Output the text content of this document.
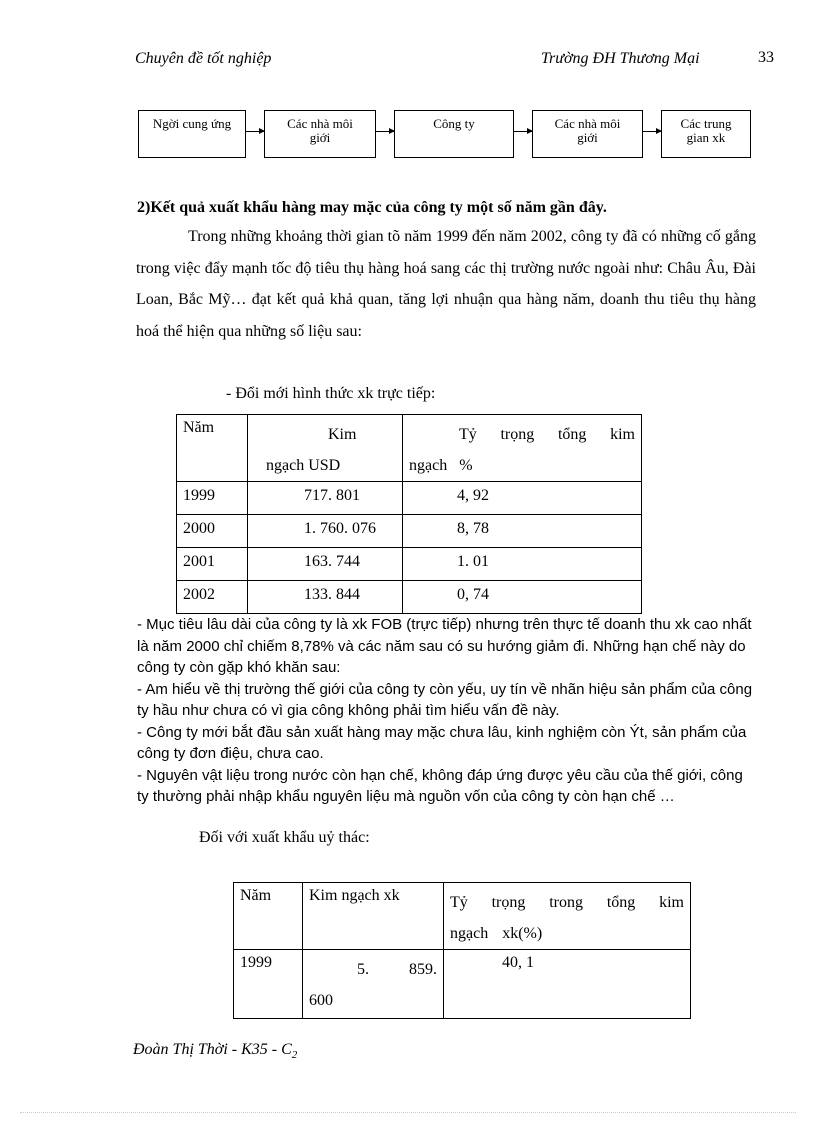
Chuyên đề tốt nghiệp	Trường ĐH Thương Mại	33
Ngời cung ứng	Các nhà môi giới
Công ty	Các nhà môi giới
Các trung gian xk
2)Kết quả xuất khẩu hàng may mặc của công ty một số năm gần đây.

Trong những khoảng thời gian tõ năm 1999 đến năm 2002, công ty đã có những cố gắng trong việc đẩy mạnh tốc độ tiêu thụ hàng hoá sang các thị trường nước ngoài như: Châu Âu, Đài Loan, Bắc Mỹ… đạt kết quả khả quan, tăng lợi nhuận qua hàng năm, doanh thu tiêu thụ hàng hoá thể hiện qua những số liệu sau:

- Đổi mới hình thức xk trực tiếp:
Năm	Kim ngạch USD	Tỷ trọng tổng kim ngạch %

1999	717. 801	4, 92
2000	1. 760. 076	8, 78
2001	163. 744	1. 01
2002	133. 844	0, 74

- Mục tiêu lâu dài của công ty là xk FOB (trực tiếp) nhưng trên thực tế doanh thu xk cao nhất là năm 2000 chỉ chiếm 8,78% và các năm sau có su hướng giảm đi. Những hạn chế này do công ty còn gặp khó khăn sau:

- Am hiểu về thị trường thế giới của công ty còn yếu, uy tín về nhãn hiệu sản phẩm của công ty hầu như chưa có vì gia công không phải tìm hiểu vấn đề này.

- Công ty mới bắt đầu sản xuất hàng may mặc chưa lâu, kinh nghiệm còn Ýt, sản phẩm của công ty đơn điệu, chưa cao.

- Nguyên vật liệu trong nước còn hạn chế, không đáp ứng được yêu cầu của thế giới, công ty thường phải nhập khẩu nguyên liệu mà nguồn vốn của công ty còn hạn chế …

Đối với xuất khẩu uỷ thác:
Năm	Kim ngạch xk	Tỷ trọng trong tổng kim ngạch xk(%)

1999	5. 859. 600	40, 1
Đoàn Thị Thời - $K35 - C_2$
